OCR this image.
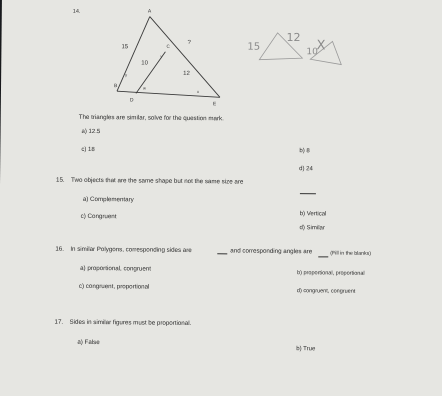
14.	A
B
C
D
E
15
10
12
?
y
y
w
x
15
12
10
X
The triangles are similar, solve for the question mark.
a) 12.5
b) 8
c) 18
d) 24
15. Two objects that are the same shape but not the same size are
a) Complementary
b) Vertical
c) Congruent
d) Similar
16. In similar Polygons, corresponding sides are	and corresponding angles are	(Fill in the blanks)
a) proportional, congruent
b) proportional, proportional
c) congruent, proportional
d) congruent, congruent
17. Sides in similar figures must be proportional.
a) False
b) True
